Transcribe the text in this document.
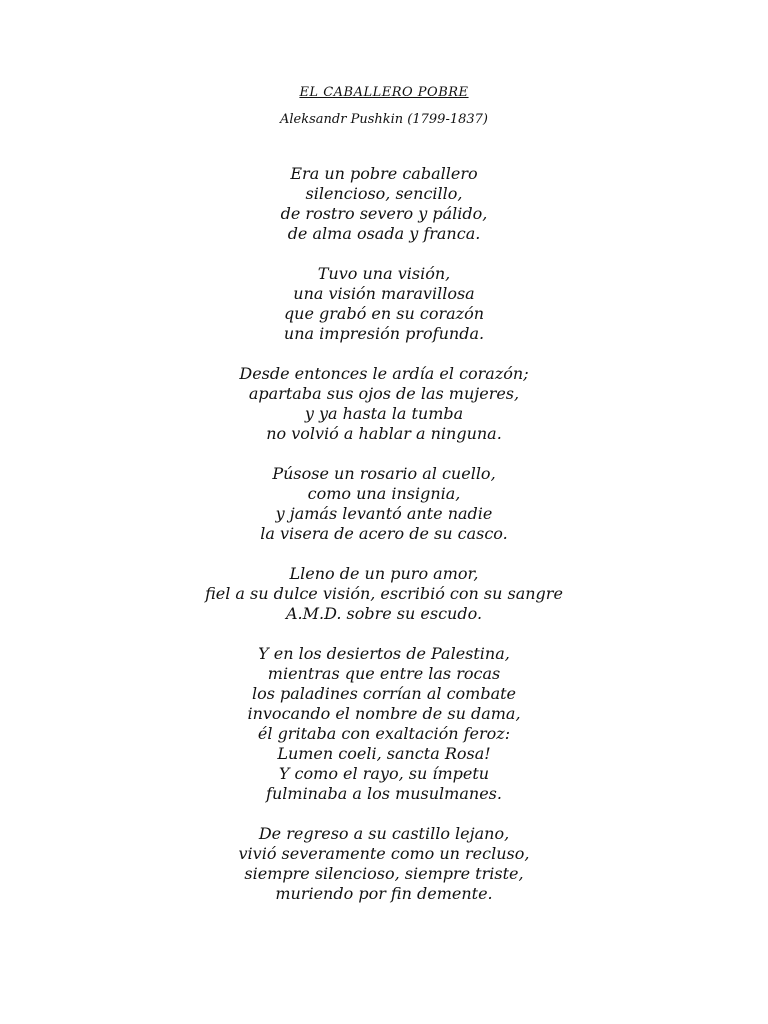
EL CABALLERO POBRE
Aleksandr Pushkin (1799-1837)
Era un pobre caballero
silencioso, sencillo,
de rostro severo y pálido,
de alma osada y franca.
Tuvo una visión,
una visión maravillosa
que grabó en su corazón
una impresión profunda.
Desde entonces le ardía el corazón;
apartaba sus ojos de las mujeres,
y ya hasta la tumba
no volvió a hablar a ninguna.
Púsose un rosario al cuello,
como una insignia,
y jamás levantó ante nadie
la visera de acero de su casco.
Lleno de un puro amor,
fiel a su dulce visión, escribió con su sangre
A.M.D. sobre su escudo.
Y en los desiertos de Palestina,
mientras que entre las rocas
los paladines corrían al combate
invocando el nombre de su dama,
él gritaba con exaltación feroz:
Lumen coeli, sancta Rosa!
Y como el rayo, su ímpetu
fulminaba a los musulmanes.
De regreso a su castillo lejano,
vivió severamente como un recluso,
siempre silencioso, siempre triste,
muriendo por fin demente.
